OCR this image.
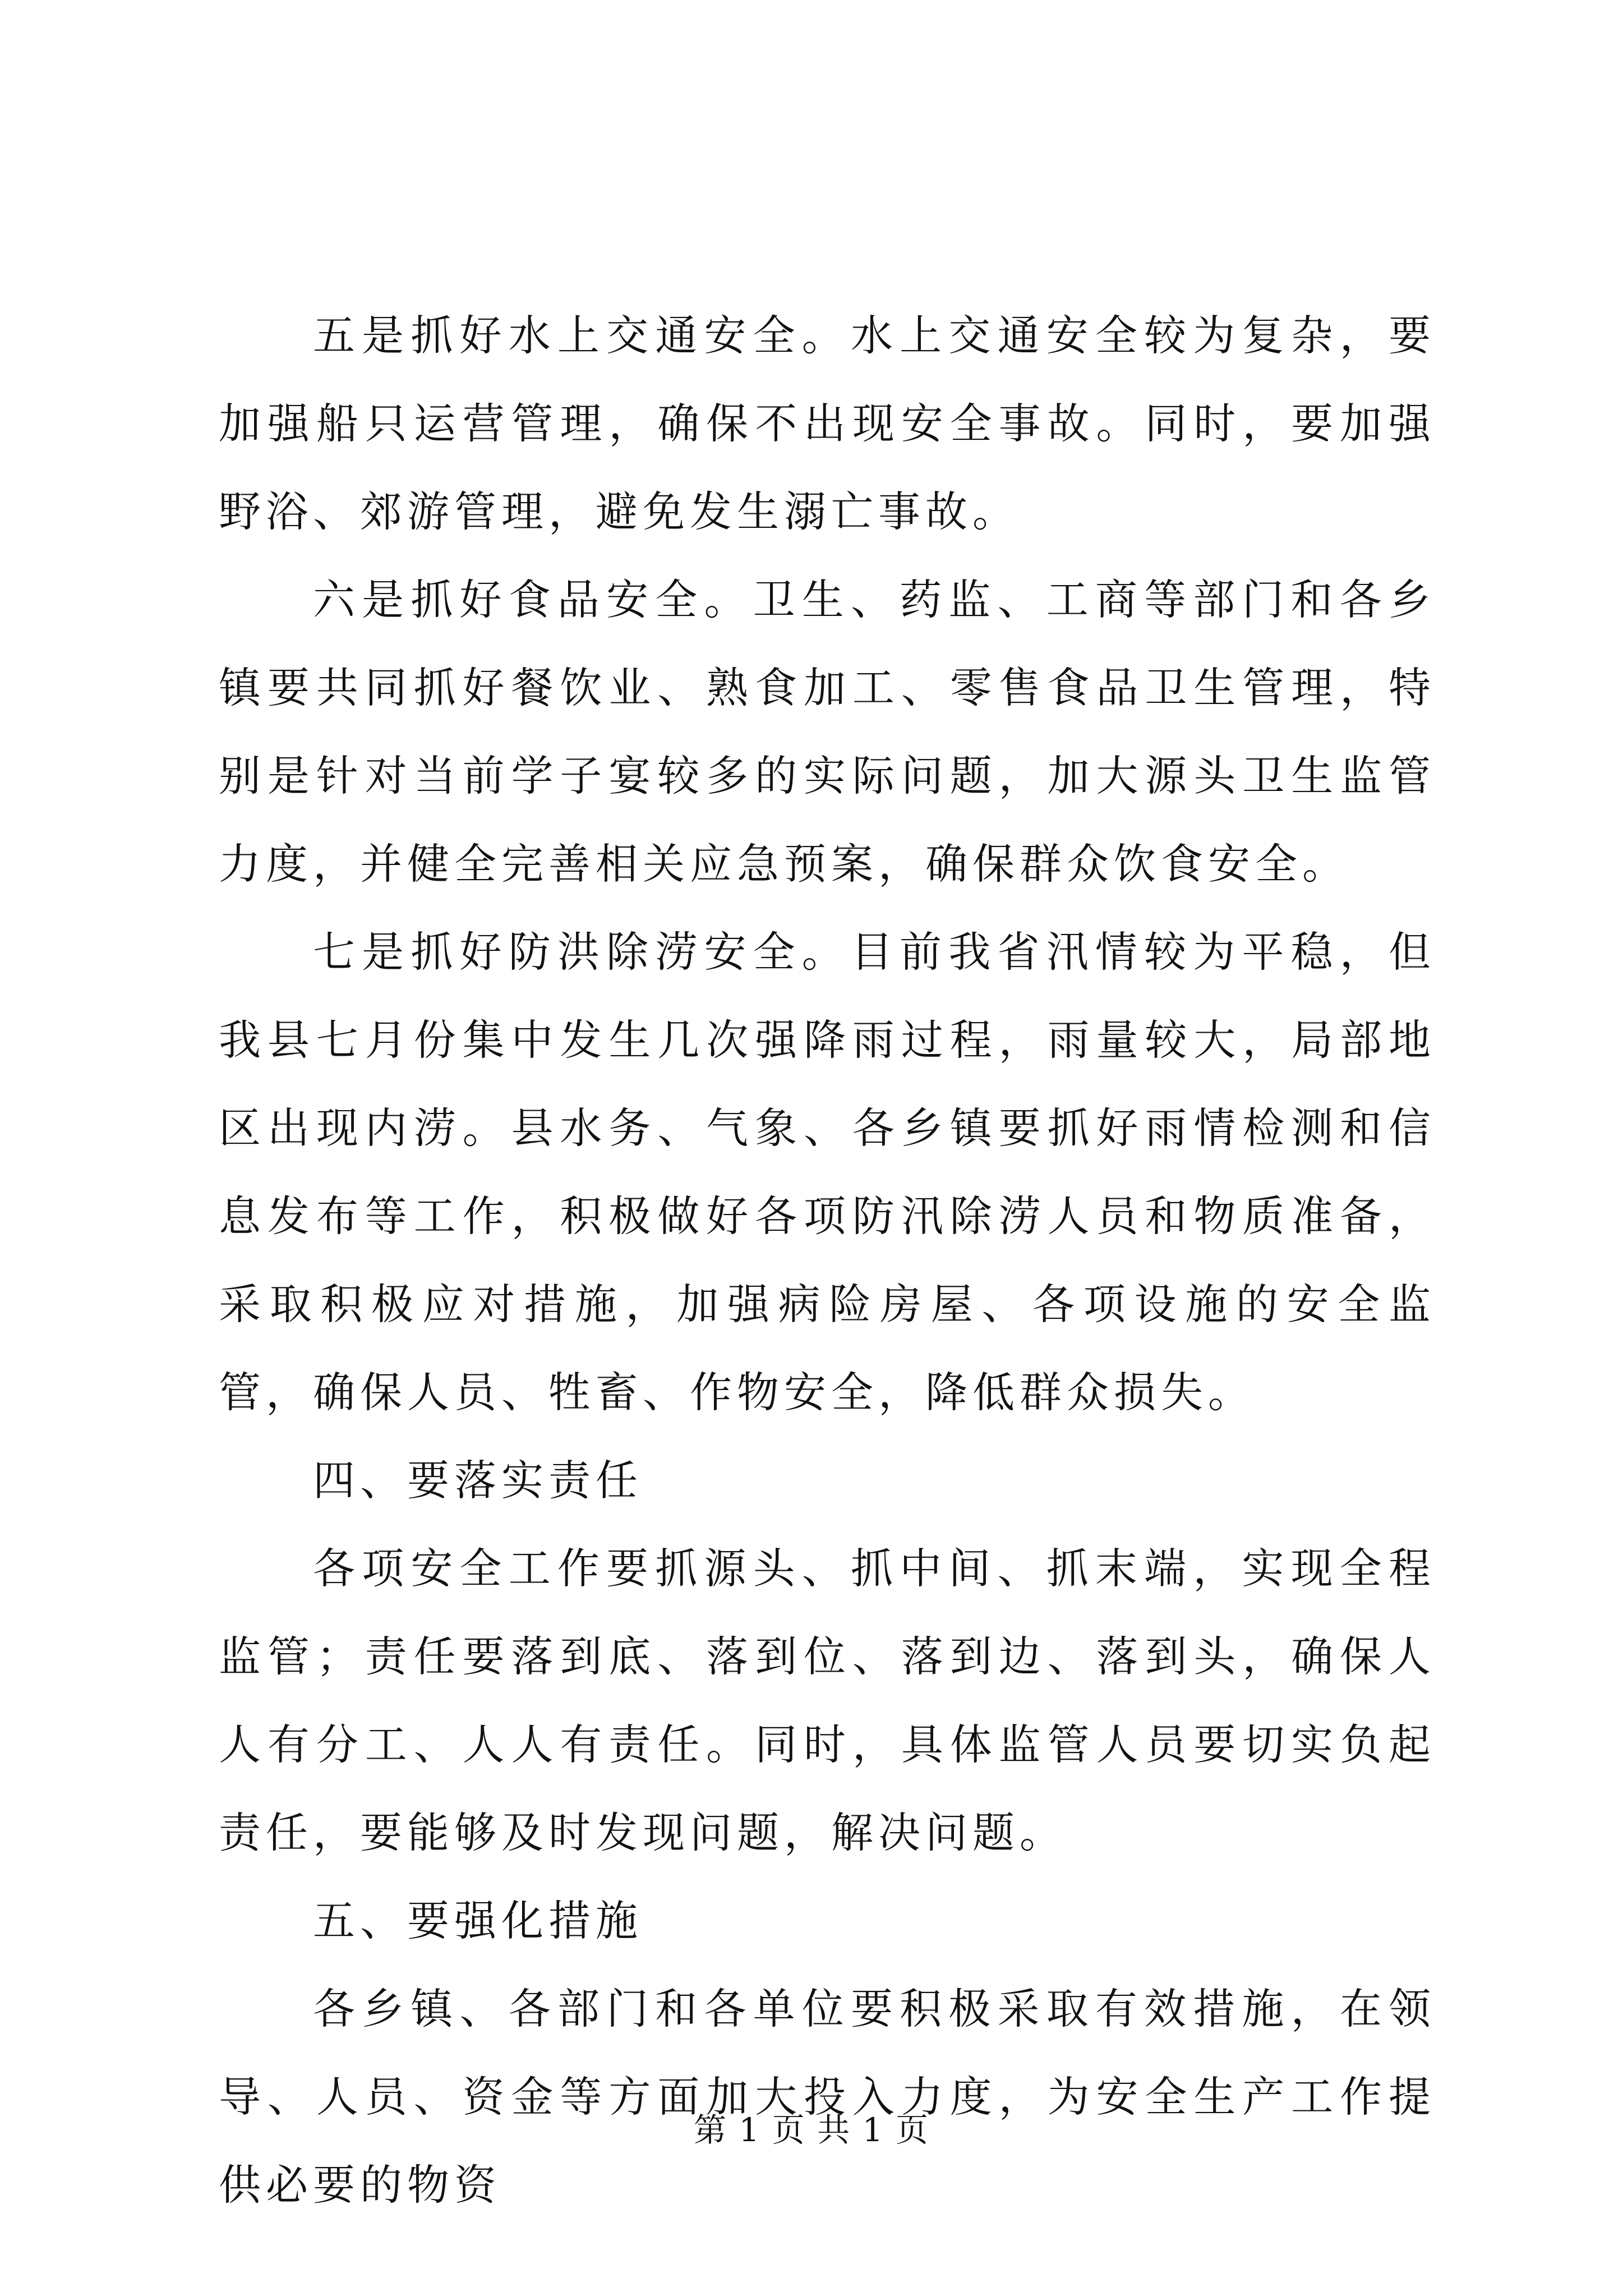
五是抓好水上交通安全。水上交通安全较为复杂，要加强船只运营管理，确保不出现安全事故。同时，要加强野浴、郊游管理，避免发生溺亡事故。

六是抓好食品安全。卫生、药监、工商等部门和各乡镇要共同抓好餐饮业、熟食加工、零售食品卫生管理，特别是针对当前学子宴较多的实际问题，加大源头卫生监管力度，并健全完善相关应急预案，确保群众饮食安全。

七是抓好防洪除涝安全。目前我省汛情较为平稳，但我县七月份集中发生几次强降雨过程，雨量较大，局部地区出现内涝。县水务、气象、各乡镇要抓好雨情检测和信息发布等工作，积极做好各项防汛除涝人员和物质准备，采取积极应对措施，加强病险房屋、各项设施的安全监管，确保人员、牲畜、作物安全，降低群众损失。

四、要落实责任

各项安全工作要抓源头、抓中间、抓末端，实现全程监管；责任要落到底、落到位、落到边、落到头，确保人人有分工、人人有责任。同时，具体监管人员要切实负起责任，要能够及时发现问题，解决问题。

五、要强化措施

各乡镇、各部门和各单位要积极采取有效措施，在领导、人员、资金等方面加大投入力度，为安全生产工作提供必要的物资

第 1 页 共 1 页
